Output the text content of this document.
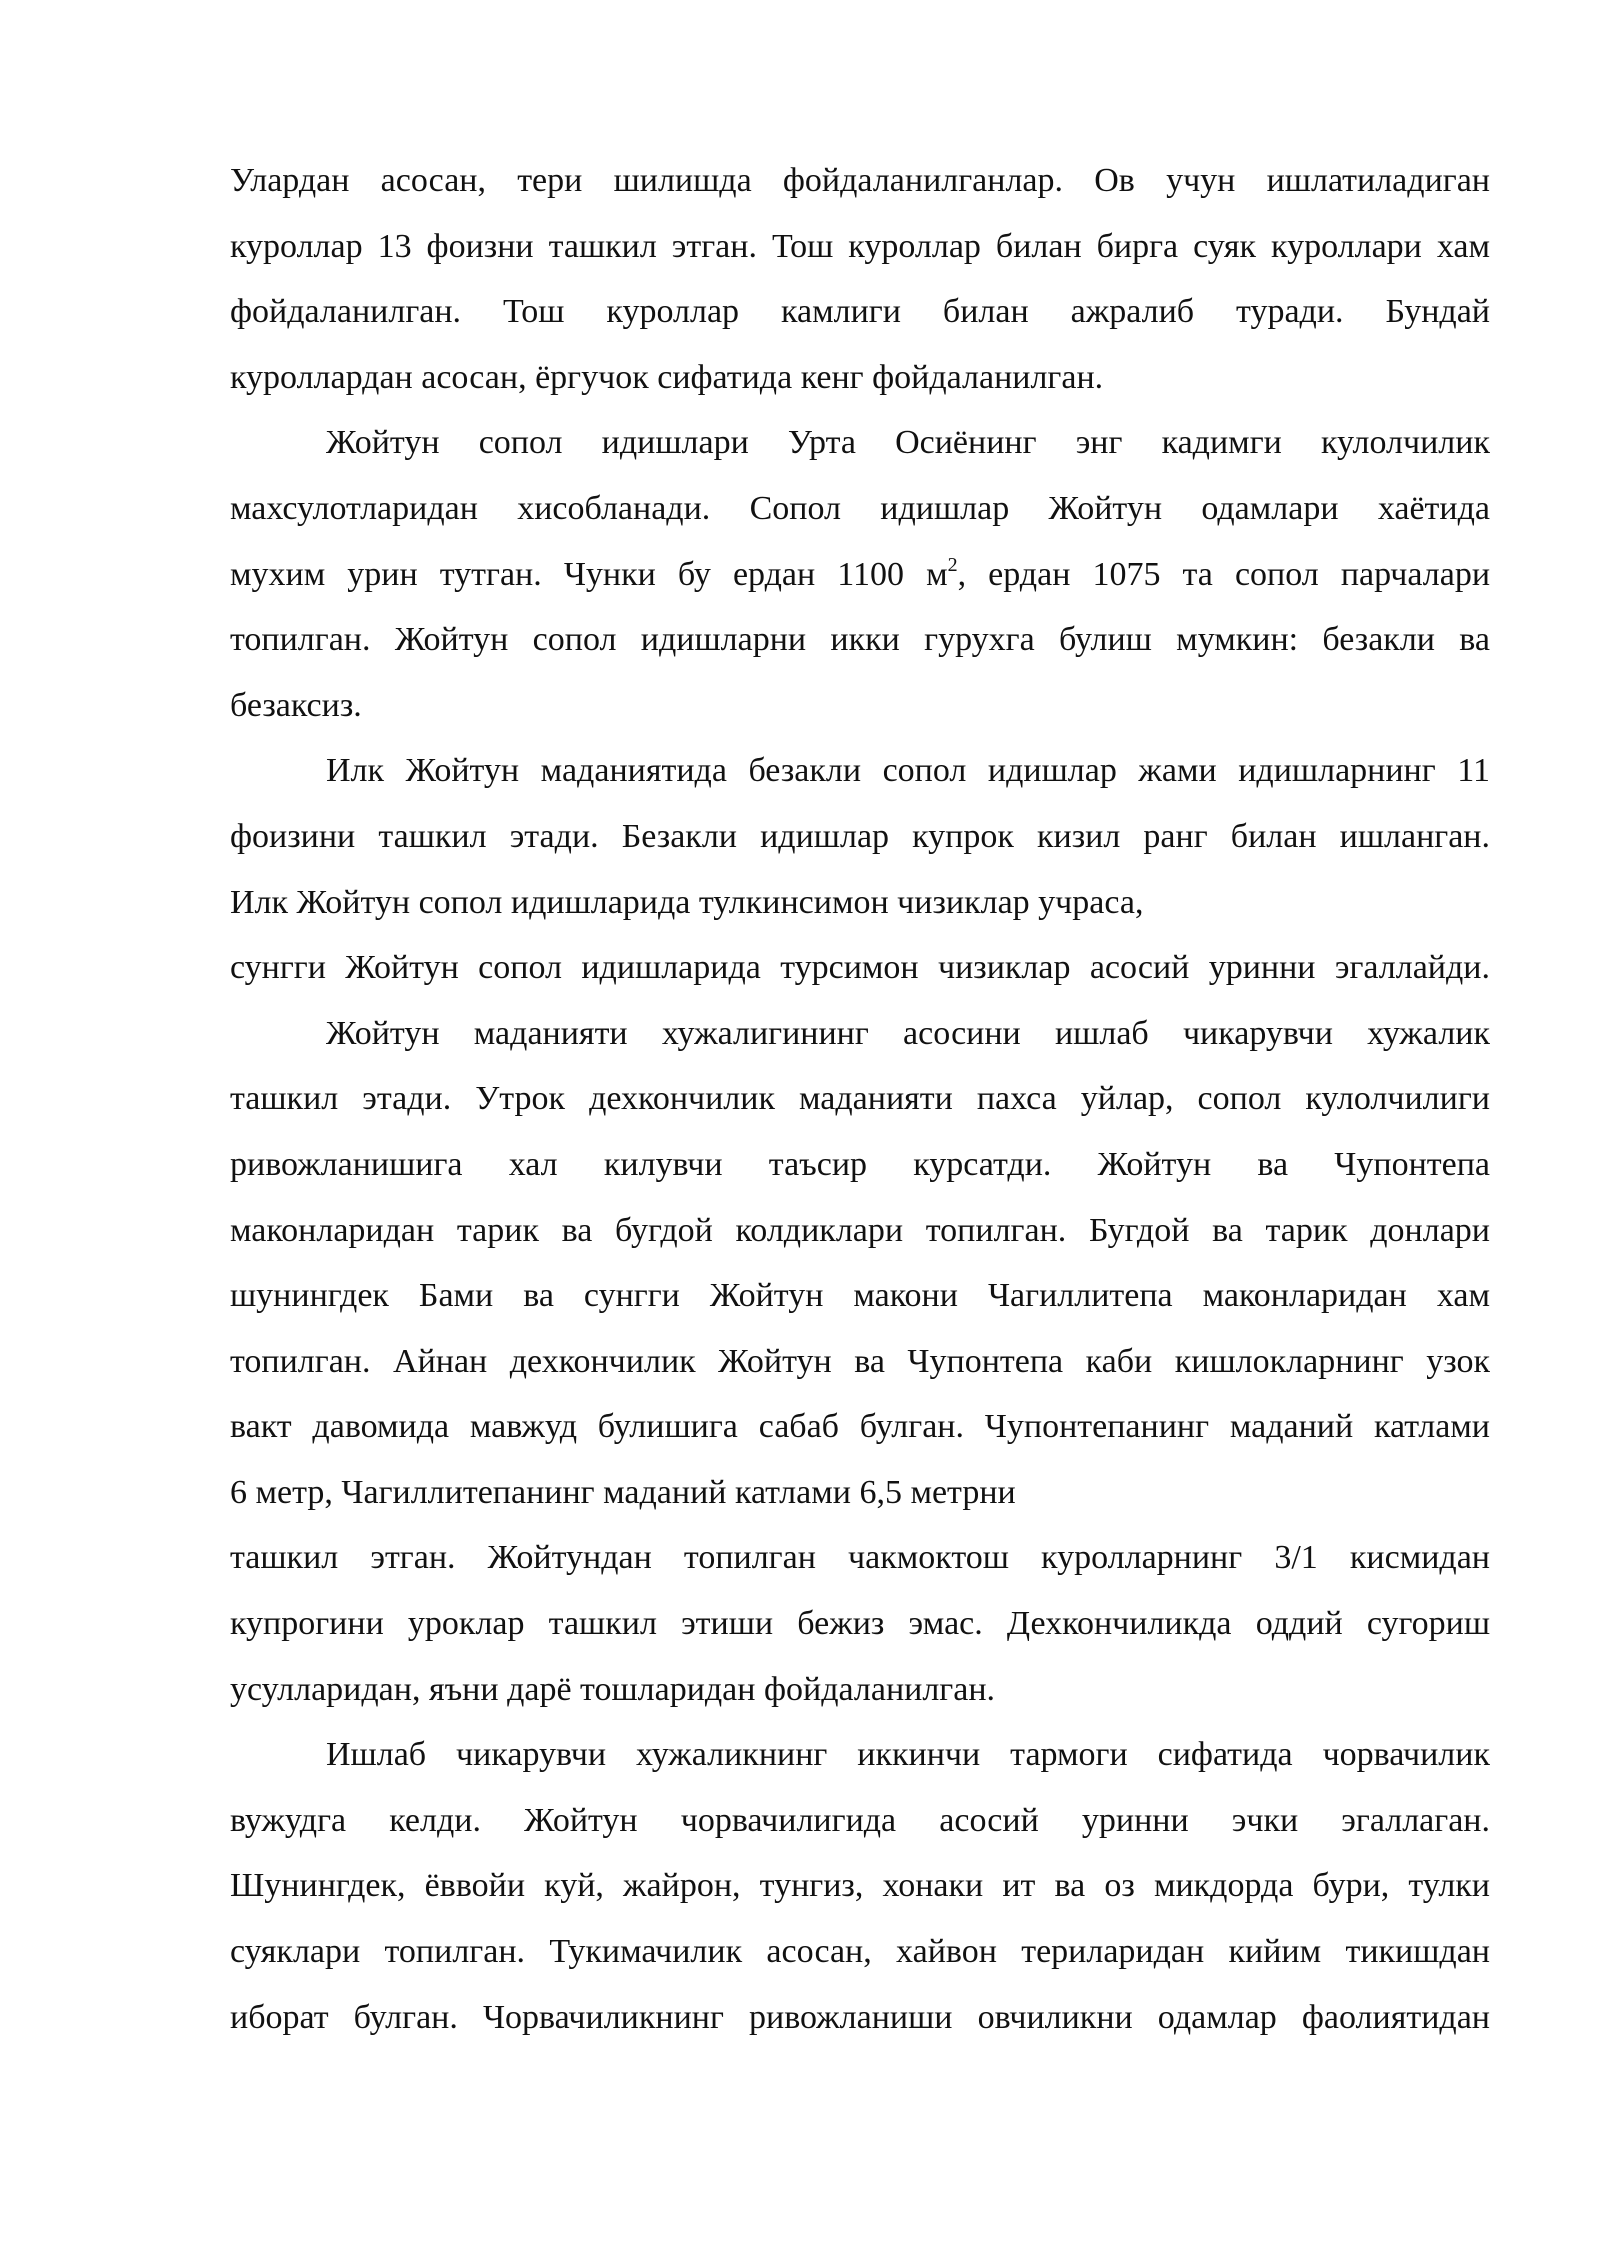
Улардан асосан, тери шилишда фойдаланилганлар. Ов учун ишлатиладиган
куроллар 13 фоизни ташкил этган. Тош куроллар билан бирга суяк куроллари хам
фойдаланилган. Тош куроллар камлиги билан ажралиб туради. Бундай
куроллардан асосан, ёргучок сифатида кенг фойдаланилган.
Жойтун сопол идишлари Урта Осиёнинг энг кадимги кулолчилик
махсулотларидан хисобланади. Сопол идишлар Жойтун одамлари хаётида
мухим урин тутган. Чунки бу ердан 1100 $м^2$, ердан 1075 та сопол парчалари
топилган. Жойтун сопол идишларни икки гурухга булиш мумкин: безакли ва
безаксиз.
Илк Жойтун маданиятида безакли сопол идишлар жами идишларнинг 11
фоизини ташкил этади. Безакли идишлар купрок кизил ранг билан ишланган.
Илк Жойтун сопол идишларида тулкинсимон чизиклар учраса,
сунгги Жойтун сопол идишларида турсимон чизиклар асосий уринни эгаллайди.
Жойтун маданияти хужалигининг асосини ишлаб чикарувчи хужалик
ташкил этади. Утрок дехкончилик маданияти пахса уйлар, сопол кулолчилиги
ривожланишига хал килувчи таъсир курсатди. Жойтун ва Чупонтепа
маконларидан тарик ва бугдой колдиклари топилган. Бугдой ва тарик донлари
шунингдек Бами ва сунгги Жойтун макони Чагиллитепа маконларидан хам
топилган. Айнан дехкончилик Жойтун ва Чупонтепа каби кишлокларнинг узок
вакт давомида мавжуд булишига сабаб булган. Чупонтепанинг маданий катлами
6 метр, Чагиллитепанинг маданий катлами 6,5 метрни
ташкил этган. Жойтундан топилган чакмоктош куролларнинг 3/1 кисмидан
купрогини уроклар ташкил этиши бежиз эмас. Дехкончиликда оддий сугориш
усулларидан, яъни дарё тошларидан фойдаланилган.
Ишлаб чикарувчи хужаликнинг иккинчи тармоги сифатида чорвачилик
вужудга келди. Жойтун чорвачилигида асосий уринни эчки эгаллаган.
Шунингдек, ёввойи куй, жайрон, тунгиз, хонаки ит ва оз микдорда бури, тулки
суяклари топилган. Тукимачилик асосан, хайвон териларидан кийим тикишдан
иборат булган. Чорвачиликнинг ривожланиши овчиликни одамлар фаолиятидан
